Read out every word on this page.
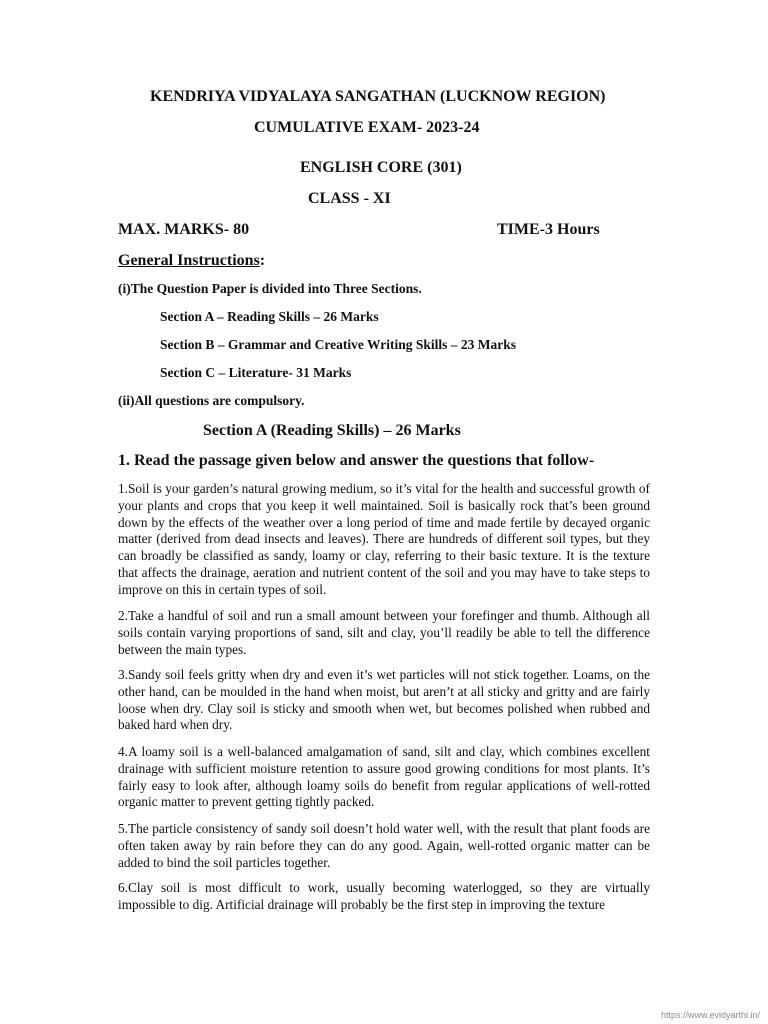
KENDRIYA VIDYALAYA SANGATHAN (LUCKNOW REGION)
CUMULATIVE EXAM- 2023-24
ENGLISH CORE (301)
CLASS - XI
MAX. MARKS- 80	TIME-3 Hours
General Instructions:
(i)The Question Paper is divided into Three Sections.
Section A – Reading Skills – 26 Marks
Section B – Grammar and Creative Writing Skills – 23 Marks
Section C – Literature- 31 Marks
(ii)All questions are compulsory.
Section A (Reading Skills) – 26 Marks
1. Read the passage given below and answer the questions that follow-
1.Soil is your garden’s natural growing medium, so it’s vital for the health and successful growth of your plants and crops that you keep it well maintained. Soil is basically rock that’s been ground down by the effects of the weather over a long period of time and made fertile by decayed organic matter (derived from dead insects and leaves). There are hundreds of different soil types, but they can broadly be classified as sandy, loamy or clay, referring to their basic texture. It is the texture that affects the drainage, aeration and nutrient content of the soil and you may have to take steps to improve on this in certain types of soil.
2.Take a handful of soil and run a small amount between your forefinger and thumb. Although all soils contain varying proportions of sand, silt and clay, you’ll readily be able to tell the difference between the main types.
3.Sandy soil feels gritty when dry and even it’s wet particles will not stick together. Loams, on the other hand, can be moulded in the hand when moist, but aren’t at all sticky and gritty and are fairly loose when dry. Clay soil is sticky and smooth when wet, but becomes polished when rubbed and baked hard when dry.
4.A loamy soil is a well-balanced amalgamation of sand, silt and clay, which combines excellent drainage with sufficient moisture retention to assure good growing conditions for most plants. It’s fairly easy to look after, although loamy soils do benefit from regular applications of well-rotted organic matter to prevent getting tightly packed.
5.The particle consistency of sandy soil doesn’t hold water well, with the result that plant foods are often taken away by rain before they can do any good. Again, well-rotted organic matter can be added to bind the soil particles together.
6.Clay soil is most difficult to work, usually becoming waterlogged, so they are virtually impossible to dig. Artificial drainage will probably be the first step in improving the texture
https://www.evidyarthi.in/
